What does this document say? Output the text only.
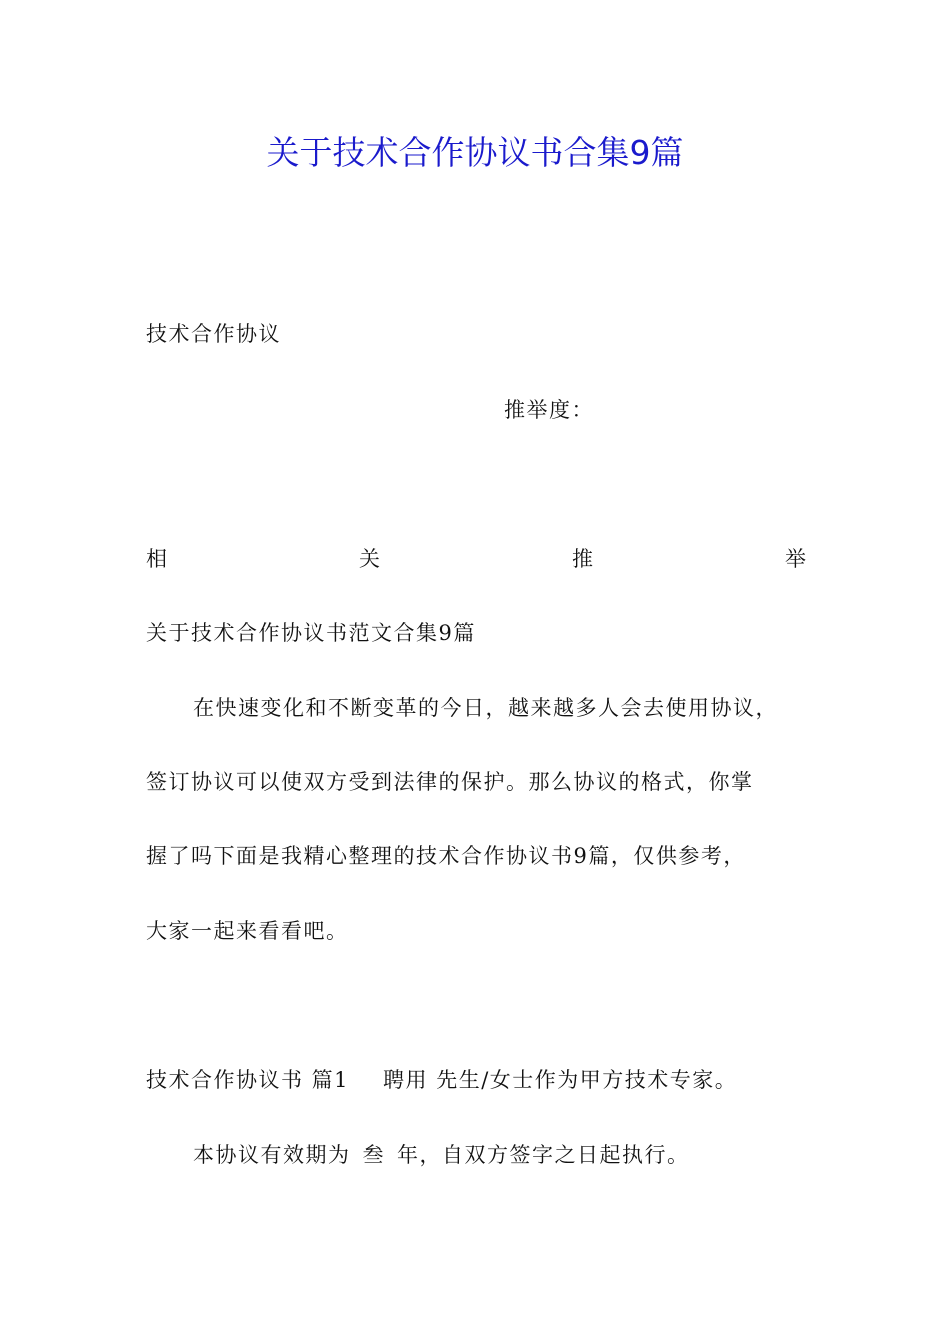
关于技术合作协议书合集9篇

技术合作协议

推举度：
相	关	推	举

关于技术合作协议书范文合集9篇

在快速变化和不断变革的今日，越来越多人会去使用协议，

签订协议可以使双方受到法律的保护。那么协议的格式，你掌

握了吗下面是我精心整理的技术合作协议书9篇，仅供参考，

大家一起来看看吧。

技术合作协议书 篇1 聘用 先生/女士作为甲方技术专家。

本协议有效期为 叁 年，自双方签字之日起执行。
